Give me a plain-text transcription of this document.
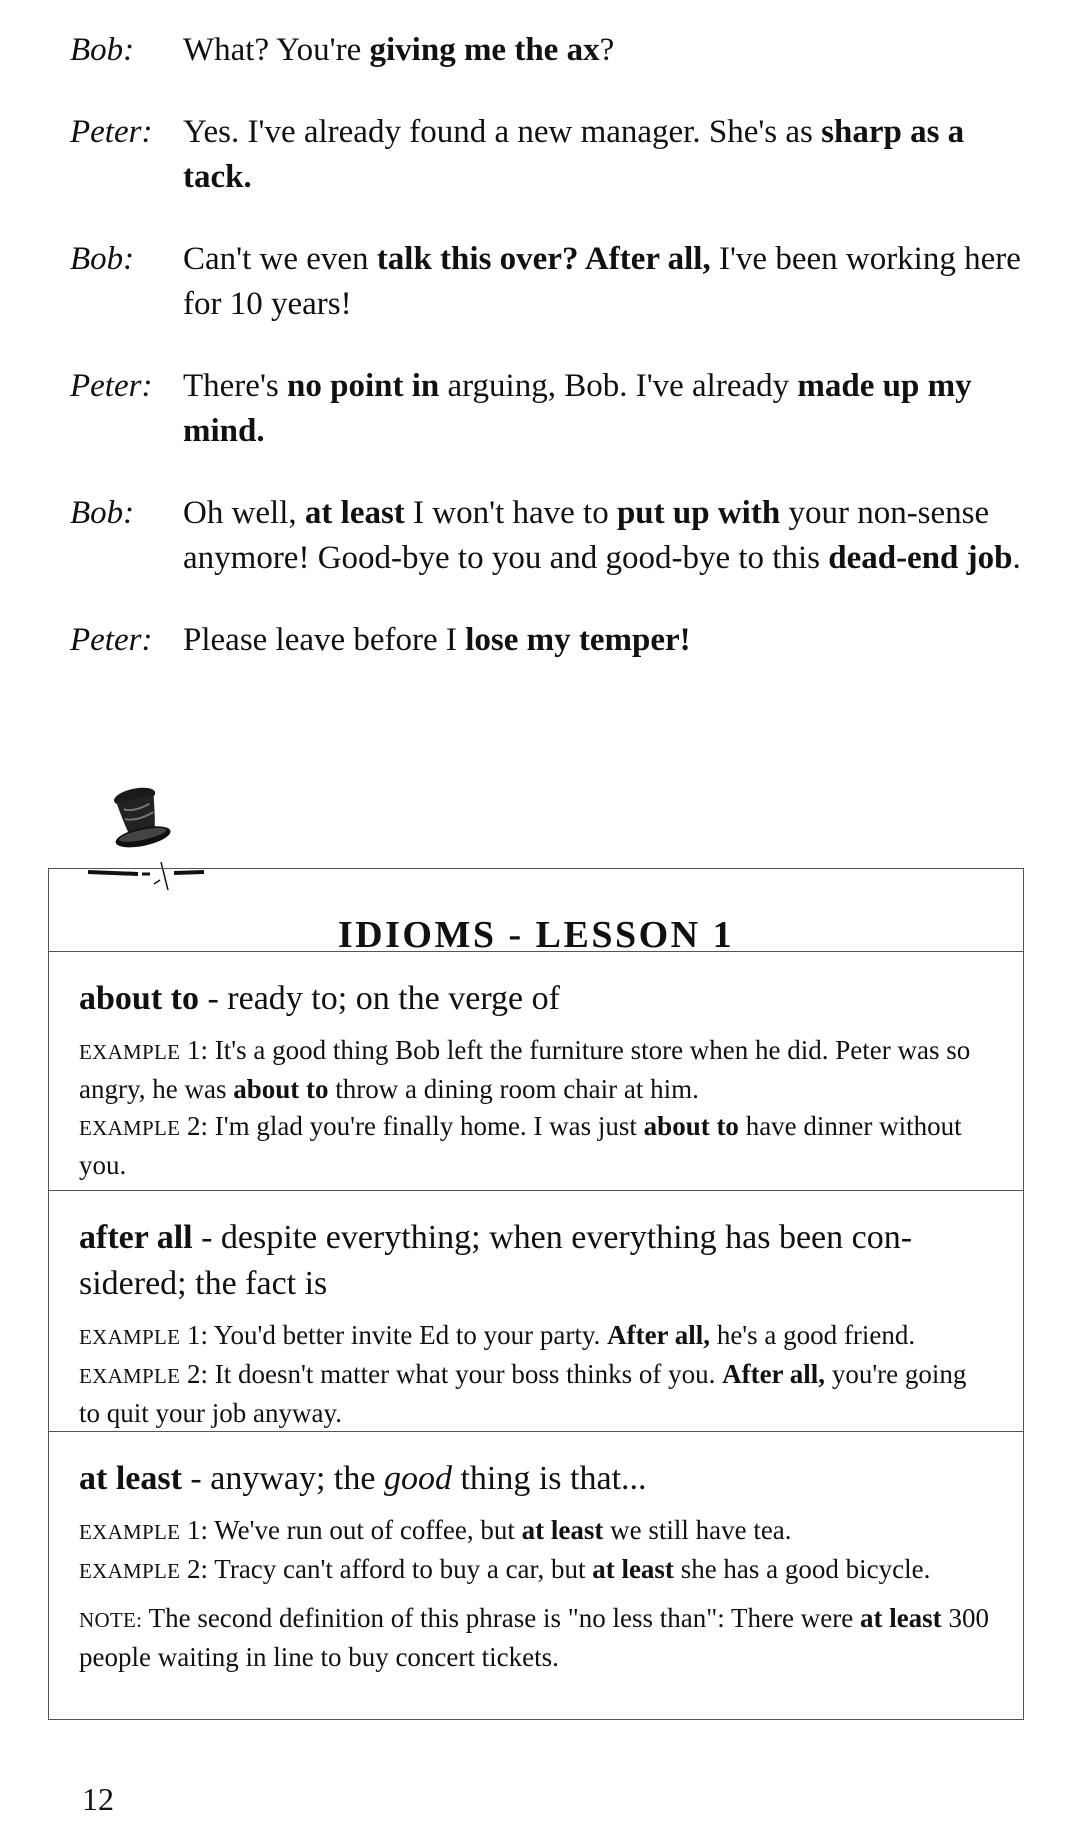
Bob:	What? You're giving me the ax?
Peter: Yes. I've already found a new manager. She's as sharp as a tack.
Bob:	Can't we even talk this over? After all, I've been working here for 10 years!
Peter: There's no point in arguing, Bob. I've already made up my mind.
Bob:	Oh well, at least I won't have to put up with your non-sense anymore! Good-bye to you and good-bye to this dead-end job.
Peter: Please leave before I lose my temper!
IDIOMS - LESSON 1
about to - ready to; on the verge of
EXAMPLE 1: It's a good thing Bob left the furniture store when he did. Peter was so angry, he was about to throw a dining room chair at him.
EXAMPLE 2: I'm glad you're finally home. I was just about to have dinner without you.
after all - despite everything; when everything has been con-sidered; the fact is
EXAMPLE 1: You'd better invite Ed to your party. After all, he's a good friend.
EXAMPLE 2: It doesn't matter what your boss thinks of you. After all, you're going to quit your job anyway.
at least - anyway; the good thing is that...
EXAMPLE 1: We've run out of coffee, but at least we still have tea.
EXAMPLE 2: Tracy can't afford to buy a car, but at least she has a good bicycle.
NOTE: The second definition of this phrase is "no less than": There were at least 300 people waiting in line to buy concert tickets.
12
